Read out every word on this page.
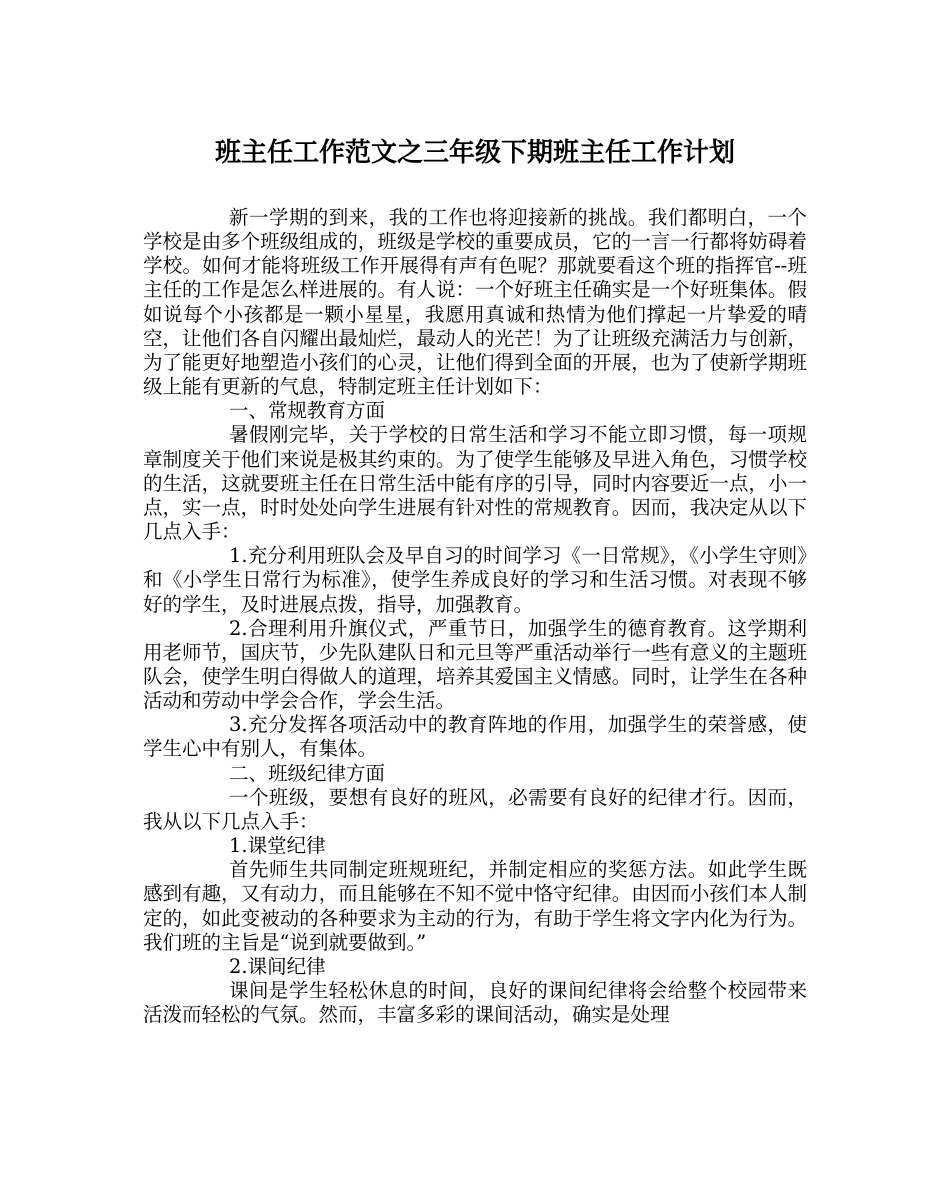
班主任工作范文之三年级下期班主任工作计划

新一学期的到来，我的工作也将迎接新的挑战。我们都明白，一个学校是由多个班级组成的，班级是学校的重要成员，它的一言一行都将妨碍着学校。如何才能将班级工作开展得有声有色呢？那就要看这个班的指挥官--班主任的工作是怎么样进展的。有人说：一个好班主任确实是一个好班集体。假如说每个小孩都是一颗小星星，我愿用真诚和热情为他们撑起一片挚爱的晴空，让他们各自闪耀出最灿烂，最动人的光芒！为了让班级充满活力与创新，为了能更好地塑造小孩们的心灵，让他们得到全面的开展，也为了使新学期班级上能有更新的气息，特制定班主任计划如下：

一、常规教育方面

暑假刚完毕，关于学校的日常生活和学习不能立即习惯，每一项规章制度关于他们来说是极其约束的。为了使学生能够及早进入角色，习惯学校的生活，这就要班主任在日常生活中能有序的引导，同时内容要近一点，小一点，实一点，时时处处向学生进展有针对性的常规教育。因而，我决定从以下几点入手：

1.充分利用班队会及早自习的时间学习《一日常规》，《小学生守则》和《小学生日常行为标准》，使学生养成良好的学习和生活习惯。对表现不够好的学生，及时进展点拨，指导，加强教育。

2.合理利用升旗仪式，严重节日，加强学生的德育教育。这学期利用老师节，国庆节，少先队建队日和元旦等严重活动举行一些有意义的主题班队会，使学生明白得做人的道理，培养其爱国主义情感。同时，让学生在各种活动和劳动中学会合作，学会生活。

3.充分发挥各项活动中的教育阵地的作用，加强学生的荣誉感，使学生心中有别人，有集体。

二、班级纪律方面

一个班级，要想有良好的班风，必需要有良好的纪律才行。因而，我从以下几点入手：

1.课堂纪律

首先师生共同制定班规班纪，并制定相应的奖惩方法。如此学生既感到有趣，又有动力，而且能够在不知不觉中恪守纪律。由因而小孩们本人制定的，如此变被动的各种要求为主动的行为，有助于学生将文字内化为行为。我们班的主旨是“说到就要做到。”

2.课间纪律

课间是学生轻松休息的时间，良好的课间纪律将会给整个校园带来活泼而轻松的气氛。然而，丰富多彩的课间活动，确实是处理
